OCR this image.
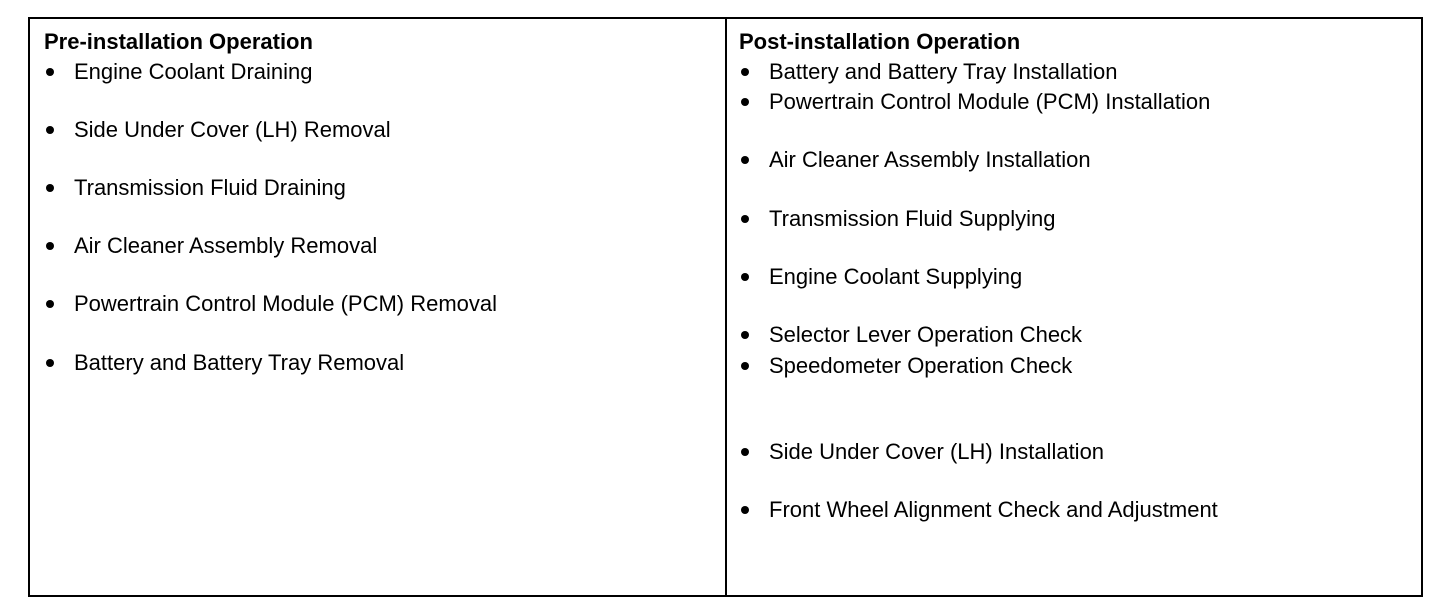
Pre-installation Operation
Engine Coolant Draining
Side Under Cover (LH) Removal
Transmission Fluid Draining
Air Cleaner Assembly Removal
Powertrain Control Module (PCM) Removal
Battery and Battery Tray Removal
Post-installation Operation
Battery and Battery Tray Installation
Powertrain Control Module (PCM) Installation
Air Cleaner Assembly Installation
Transmission Fluid Supplying
Engine Coolant Supplying
Selector Lever Operation Check
Speedometer Operation Check
Side Under Cover (LH) Installation
Front Wheel Alignment Check and Adjustment
